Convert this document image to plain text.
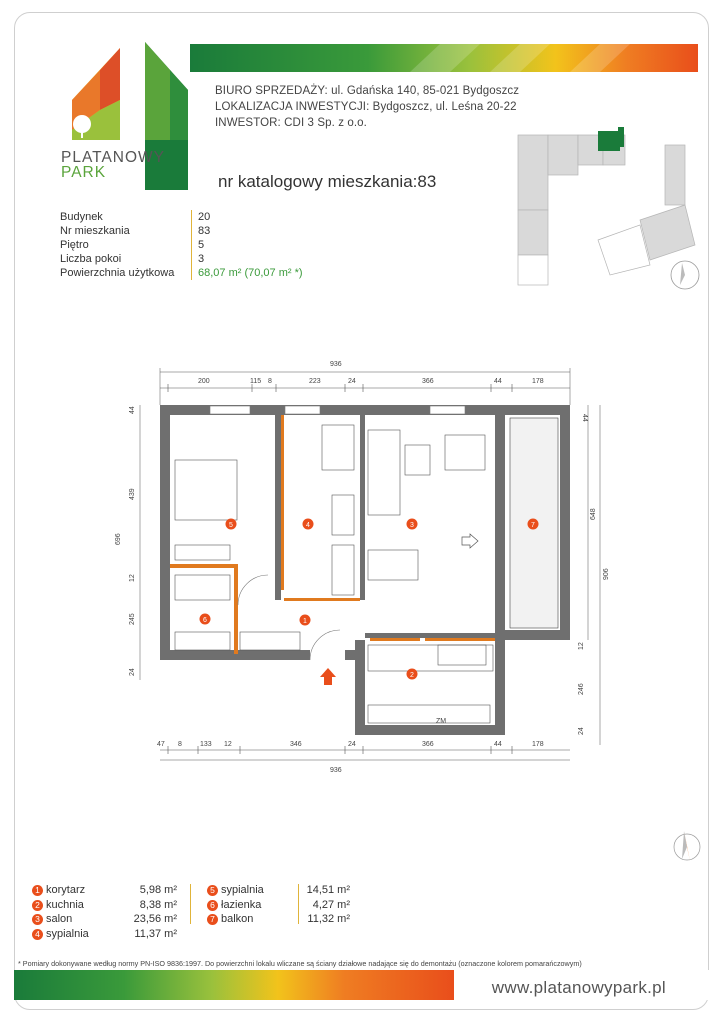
PLATANOWY
PARK
BIURO SPRZEDAŻY: ul. Gdańska 140, 85-021 Bydgoszcz
LOKALIZACJA INWESTYCJI: Bydgoszcz, ul. Leśna 20-22
INWESTOR: CDI 3 Sp. z o.o.
nr katalogowy mieszkania:83
Budynek	20
Nr mieszkania	83
Piętro	5
Liczba pokoi	3
Powierzchnia użytkowa 68,07 m² (70,07 m² *)
936
200	115 8	223	24	366	44	178
47 8	133 12	346	24	366	44	178
936
44
439
696
12
245
24
44
648
906
12
246
24
ZM
5	4	3	7
6	1
2
1 korytarz	5,98 m²
2 kuchnia	8,38 m²
3 salon	23,56 m²
4 sypialnia	11,37 m²
5 sypialnia	14,51 m²
6 łazienka	4,27 m²
7 balkon	11,32 m²
* Pomiary dokonywane według normy PN-ISO 9836:1997. Do powierzchni lokalu wliczane są ściany działowe nadające się do demontażu (oznaczone kolorem pomarańczowym)
www.platanowypark.pl
